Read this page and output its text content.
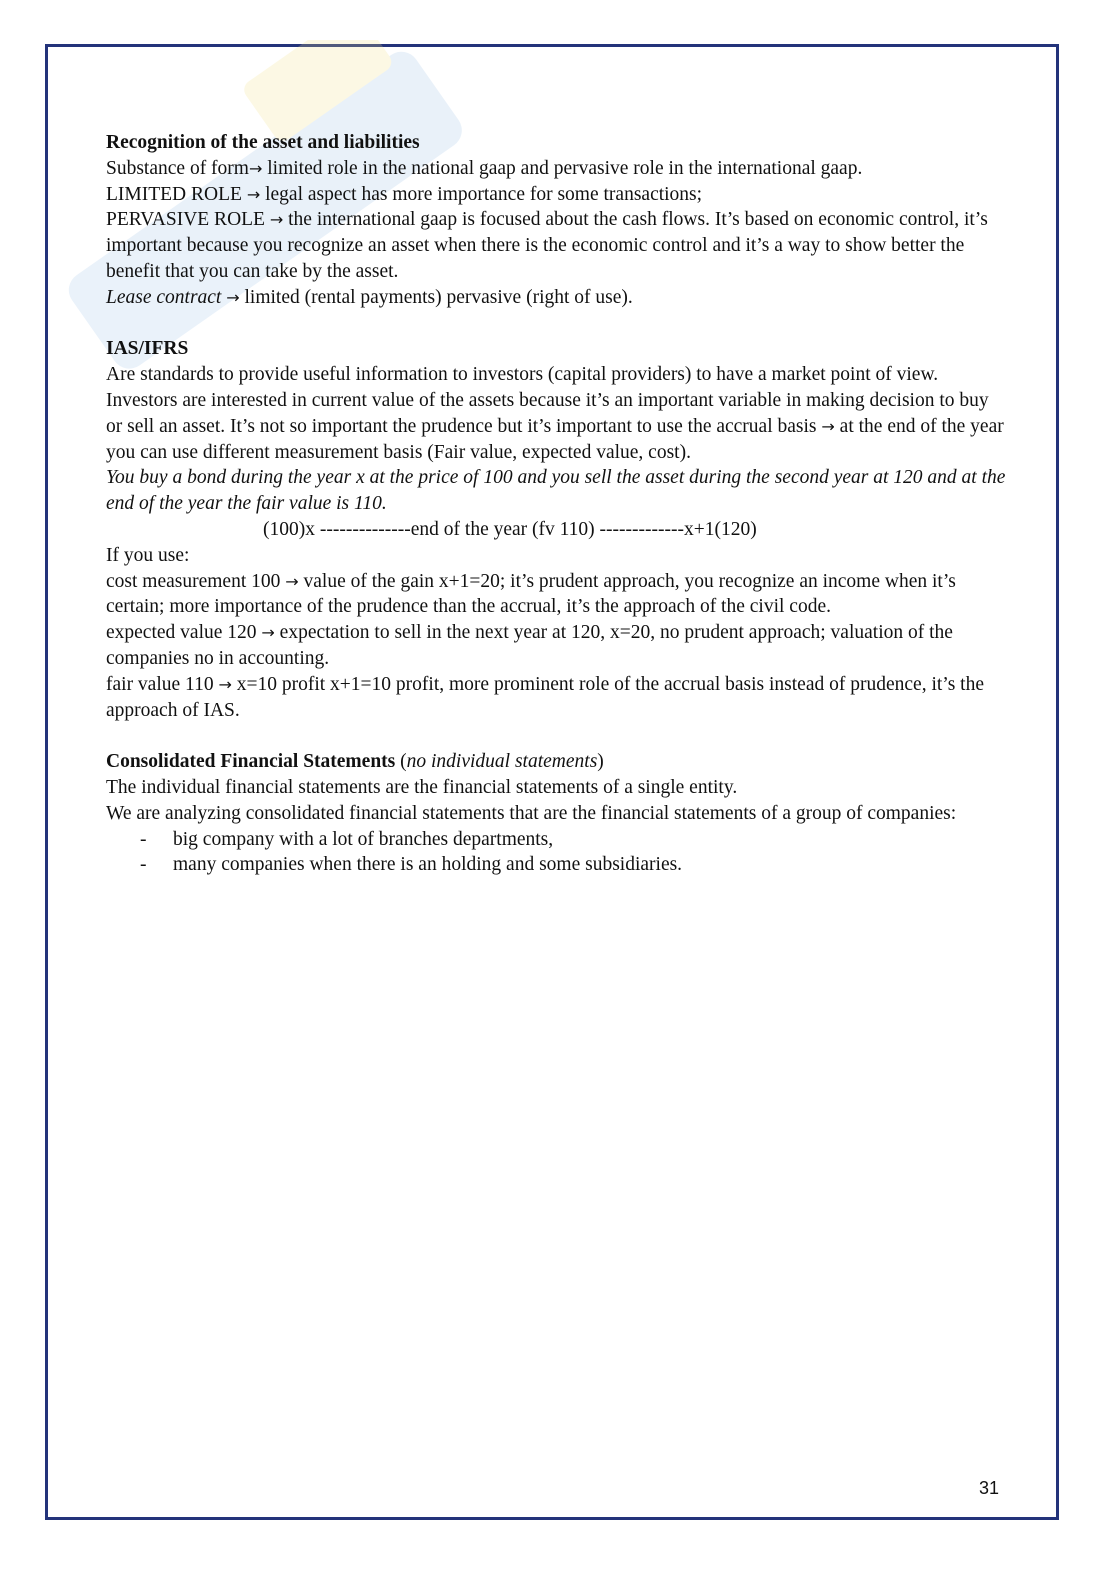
Recognition of the asset and liabilities

Substance of form→ limited role in the national gaap and pervasive role in the international gaap.

LIMITED ROLE → legal aspect has more importance for some transactions;

PERVASIVE ROLE → the international gaap is focused about the cash flows. It’s based on economic control, it’s important because you recognize an asset when there is the economic control and it’s a way to show better the benefit that you can take by the asset.

Lease contract → limited (rental payments) pervasive (right of use).

IAS/IFRS

Are standards to provide useful information to investors (capital providers) to have a market point of view. Investors are interested in current value of the assets because it’s an important variable in making decision to buy or sell an asset. It’s not so important the prudence but it’s important to use the accrual basis → at the end of the year you can use different measurement basis (Fair value, expected value, cost).

You buy a bond during the year x at the price of 100 and you sell the asset during the second year at 120 and at the end of the year the fair value is 110.

(100)x --------------end of the year (fv 110) -------------x+1(120)

If you use:

cost measurement 100 → value of the gain x+1=20; it’s prudent approach, you recognize an income when it’s certain; more importance of the prudence than the accrual, it’s the approach of the civil code.

expected value 120 → expectation to sell in the next year at 120, x=20, no prudent approach; valuation of the companies no in accounting.

fair value 110 → x=10 profit x+1=10 profit, more prominent role of the accrual basis instead of prudence, it’s the approach of IAS.

Consolidated Financial Statements (no individual statements)

The individual financial statements are the financial statements of a single entity.

We are analyzing consolidated financial statements that are the financial statements of a group of companies:

-	big company with a lot of branches departments,
-	many companies when there is an holding and some subsidiaries.
31
